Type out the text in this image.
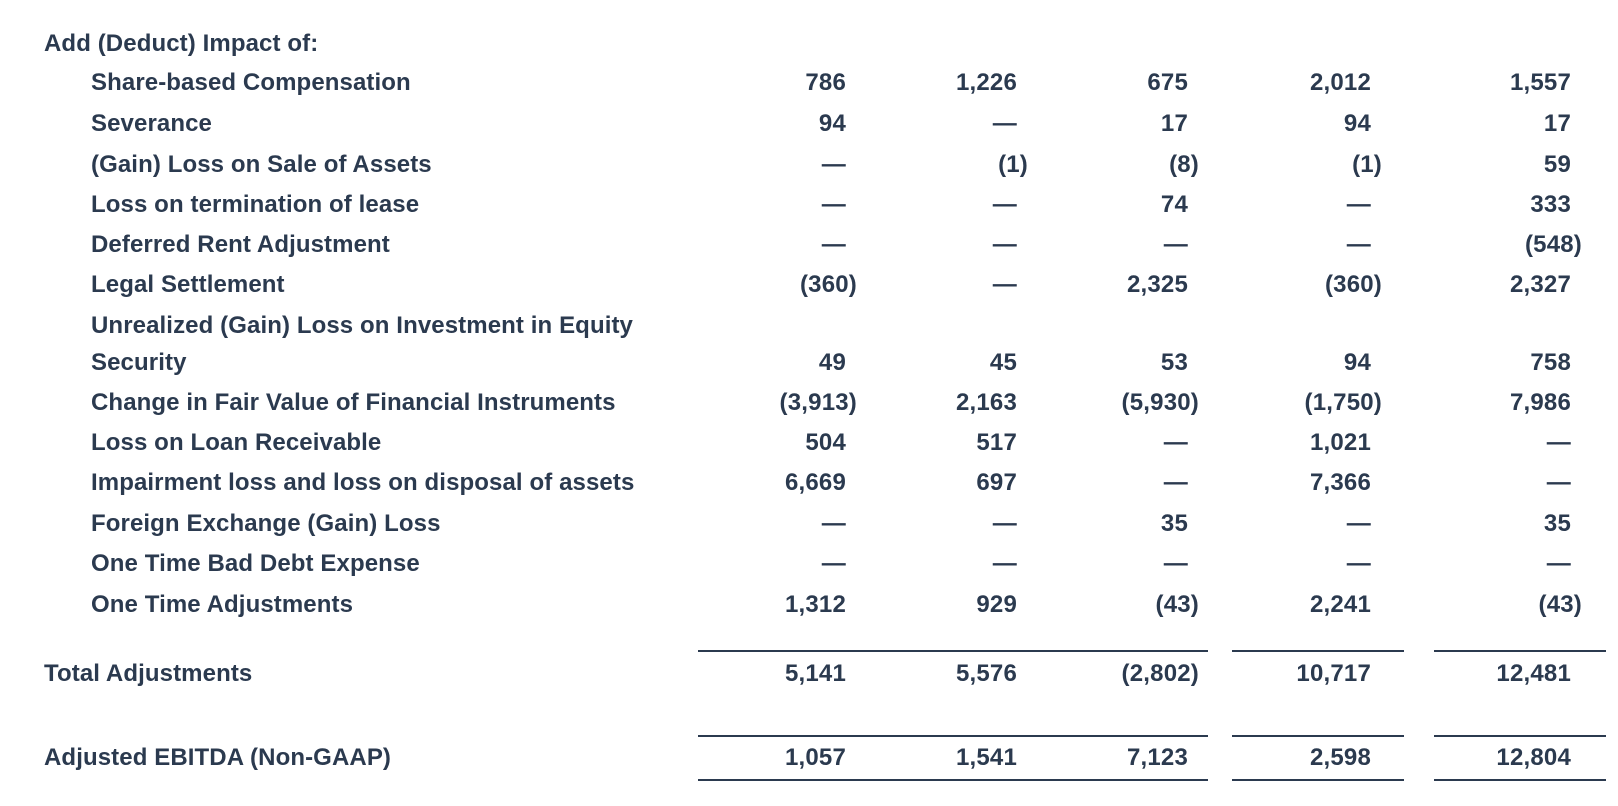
Add (Deduct) Impact of:
Share-based Compensation	786	1,226	675	2,012	1,557
Severance	94	—	17	94	17
(Gain) Loss on Sale of Assets	—	(1)	(8)	(1)	59
Loss on termination of lease	—	—	74	—	333
Deferred Rent Adjustment	—	—	—	—	(548)
Legal Settlement	(360)	—	2,325	(360)	2,327
Unrealized (Gain) Loss on Investment in Equity
Security	49	45	53	94	758
Change in Fair Value of Financial Instruments	(3,913)	2,163	(5,930)	(1,750)	7,986
Loss on Loan Receivable	504	517	—	1,021	—
Impairment loss and loss on disposal of assets	6,669	697	—	7,366	—
Foreign Exchange (Gain) Loss	—	—	35	—	35
One Time Bad Debt Expense	—	—	—	—	—
One Time Adjustments	1,312	929	(43)	2,241	(43)
Total Adjustments	5,141	5,576	(2,802)	10,717	12,481
Adjusted EBITDA (Non-GAAP)	1,057	1,541	7,123	2,598	12,804
